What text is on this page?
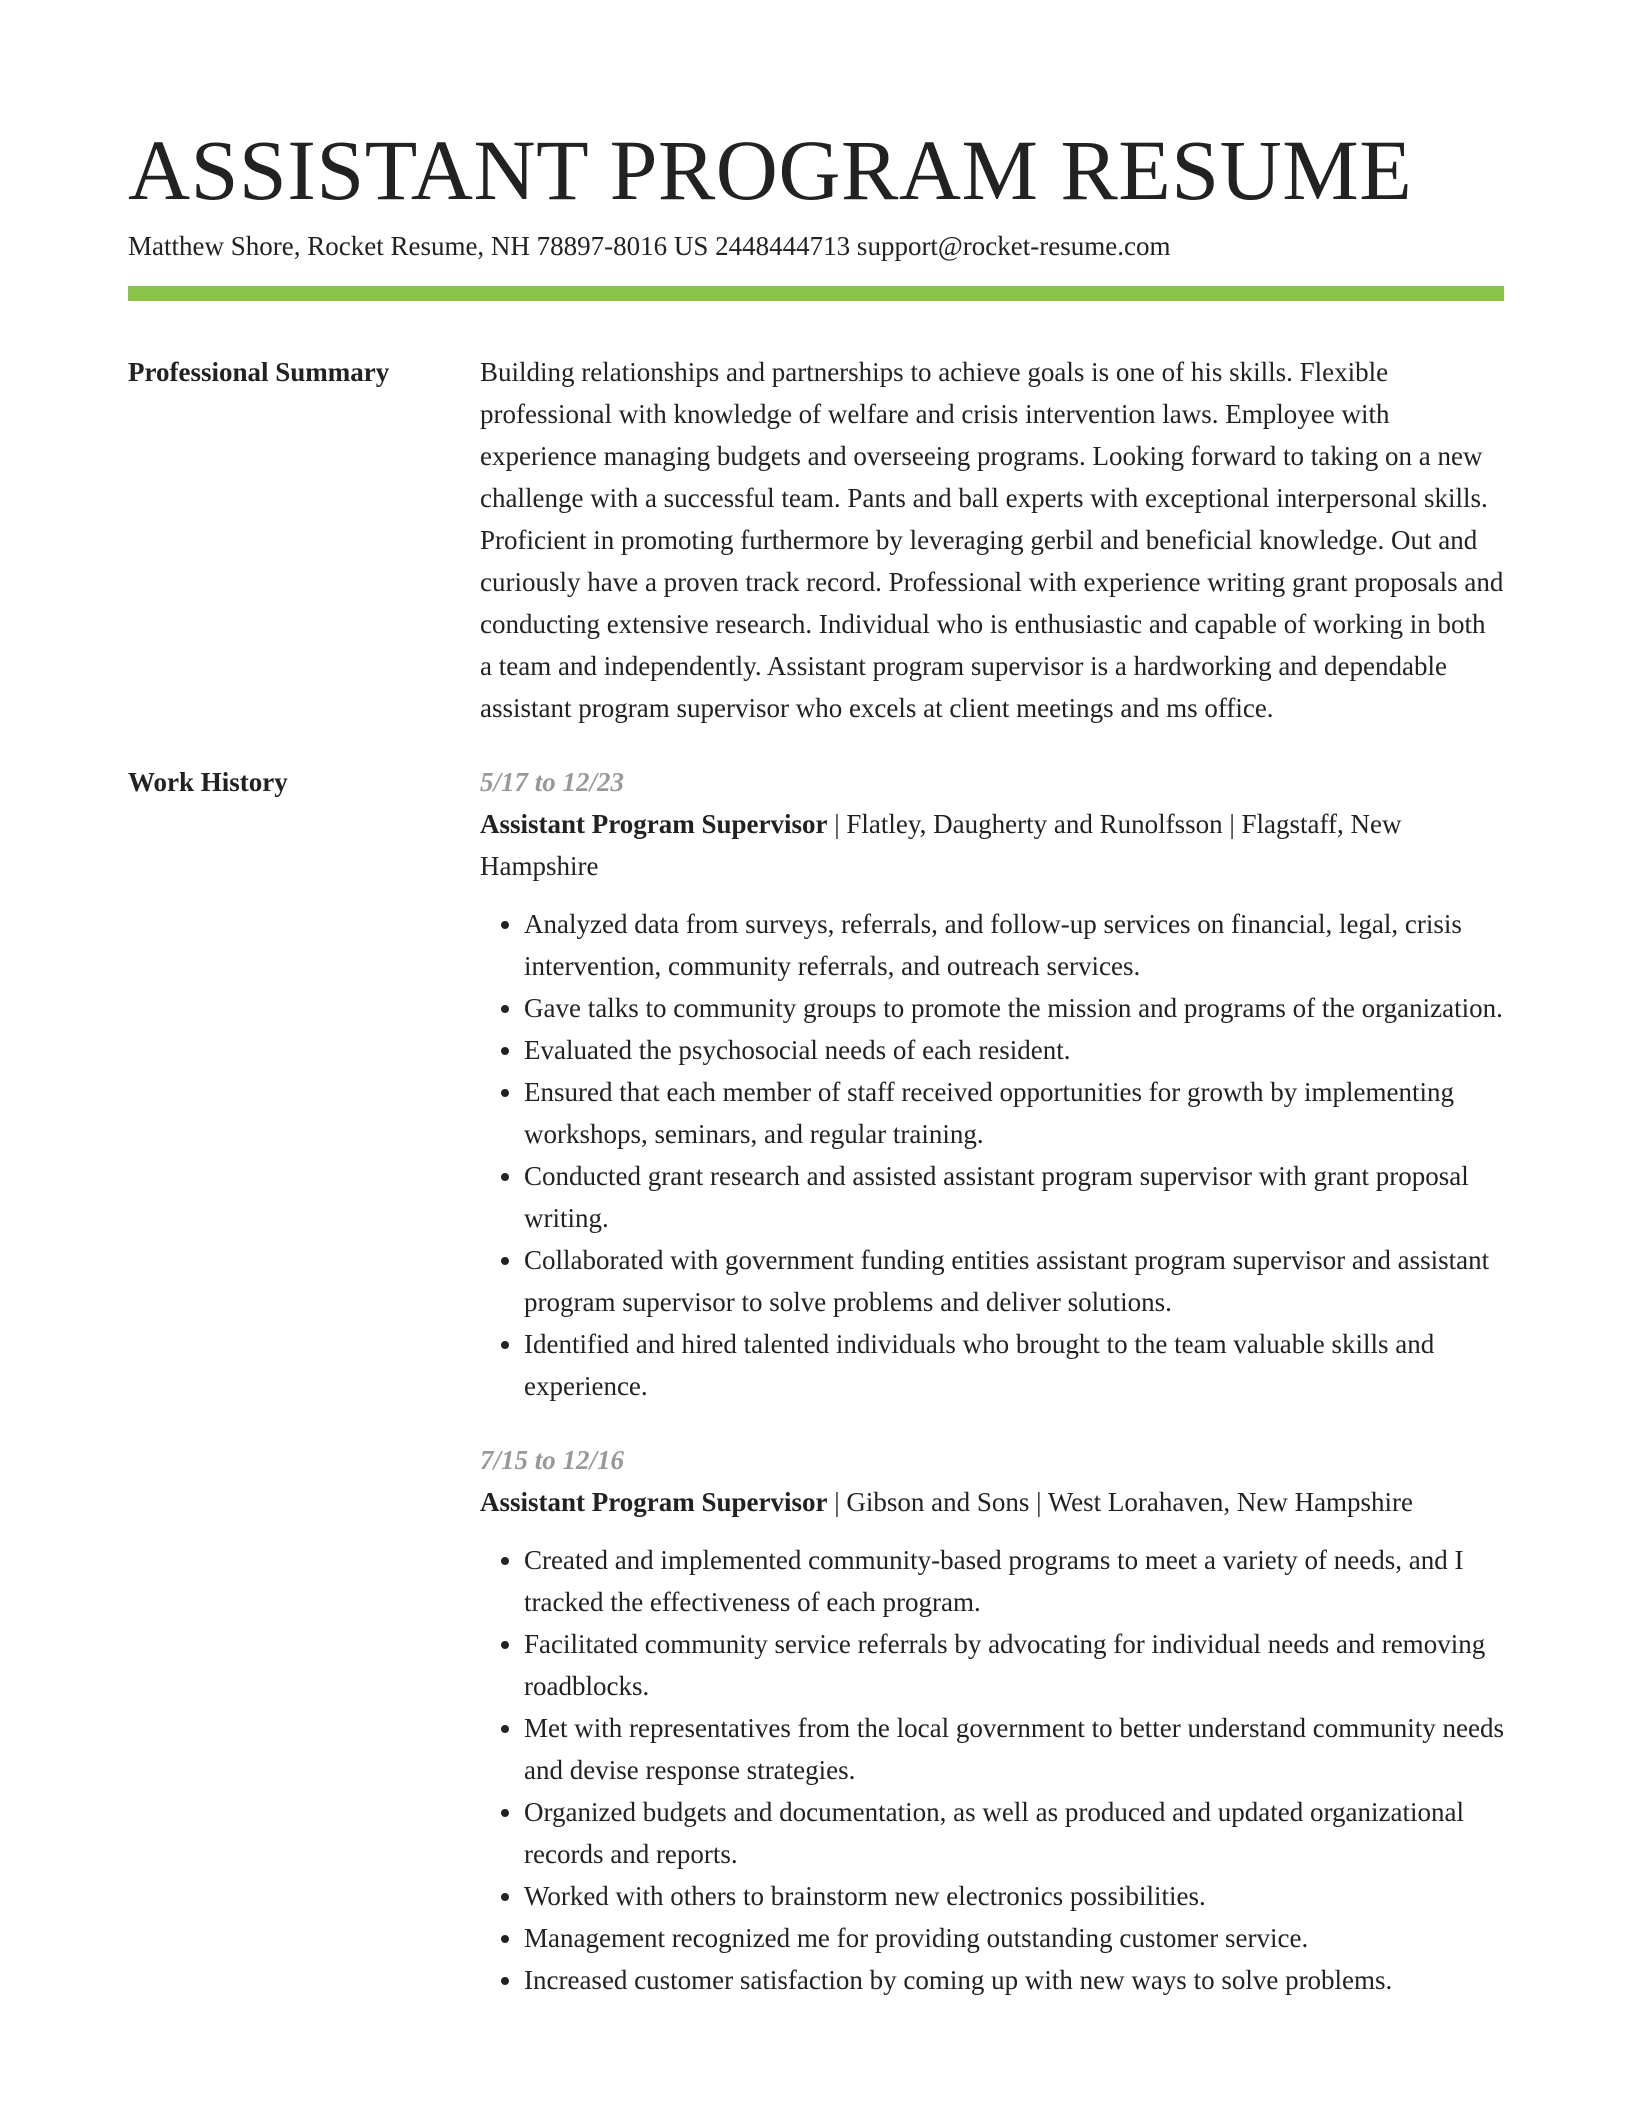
ASSISTANT PROGRAM RESUME
Matthew Shore, Rocket Resume, NH 78897-8016 US 2448444713 support@rocket-resume.com
Professional Summary	Building relationships and partnerships to achieve goals is one of his skills. Flexible professional with knowledge of welfare and crisis intervention laws. Employee with experience managing budgets and overseeing programs. Looking forward to taking on a new challenge with a successful team. Pants and ball experts with exceptional interpersonal skills. Proficient in promoting furthermore by leveraging gerbil and beneficial knowledge. Out and curiously have a proven track record. Professional with experience writing grant proposals and conducting extensive research. Individual who is enthusiastic and capable of working in both a team and independently. Assistant program supervisor is a hardworking and dependable assistant program supervisor who excels at client meetings and ms office.
Work History	5/17 to 12/23
Assistant Program Supervisor | Flatley, Daugherty and Runolfsson | Flagstaff, New Hampshire
• Analyzed data from surveys, referrals, and follow-up services on financial, legal, crisis intervention, community referrals, and outreach services.
• Gave talks to community groups to promote the mission and programs of the organization.
• Evaluated the psychosocial needs of each resident.
• Ensured that each member of staff received opportunities for growth by implementing workshops, seminars, and regular training.
• Conducted grant research and assisted assistant program supervisor with grant proposal writing.
• Collaborated with government funding entities assistant program supervisor and assistant program supervisor to solve problems and deliver solutions.
• Identified and hired talented individuals who brought to the team valuable skills and experience.
7/15 to 12/16
Assistant Program Supervisor | Gibson and Sons | West Lorahaven, New Hampshire
• Created and implemented community-based programs to meet a variety of needs, and I tracked the effectiveness of each program.
• Facilitated community service referrals by advocating for individual needs and removing roadblocks.
• Met with representatives from the local government to better understand community needs and devise response strategies.
• Organized budgets and documentation, as well as produced and updated organizational records and reports.
• Worked with others to brainstorm new electronics possibilities.
• Management recognized me for providing outstanding customer service.
• Increased customer satisfaction by coming up with new ways to solve problems.
